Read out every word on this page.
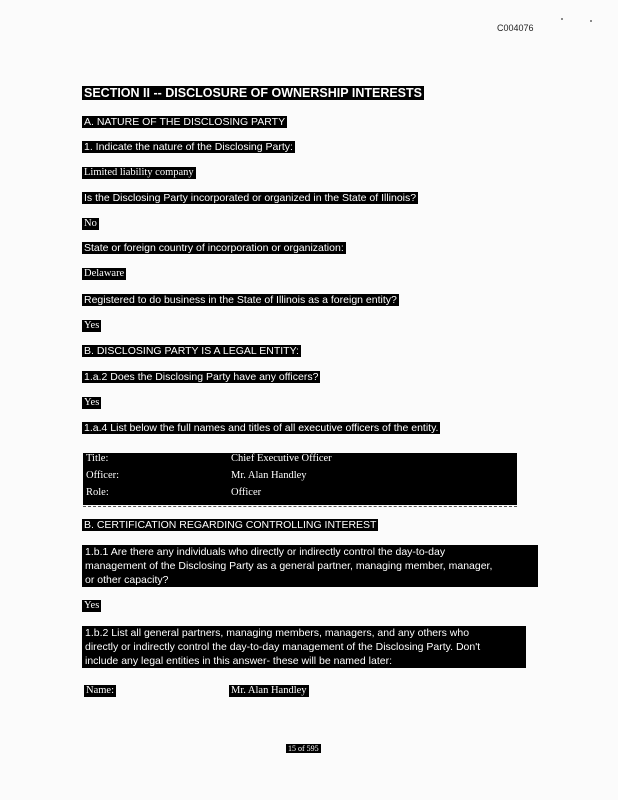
C004076
SECTION II -- DISCLOSURE OF OWNERSHIP INTERESTS
A. NATURE OF THE DISCLOSING PARTY
1. Indicate the nature of the Disclosing Party:
Limited liability company
Is the Disclosing Party incorporated or organized in the State of Illinois?
No
State or foreign country of incorporation or organization:
Delaware
Registered to do business in the State of Illinois as a foreign entity?
Yes
B. DISCLOSING PARTY IS A LEGAL ENTITY:
1.a.2 Does the Disclosing Party have any officers?
Yes
1.a.4 List below the full names and titles of all executive officers of the entity.
Title:	Chief Executive Officer
Officer:	Mr. Alan Handley
Role:	Officer
B. CERTIFICATION REGARDING CONTROLLING INTEREST
1.b.1 Are there any individuals who directly or indirectly control the day-to-day
management of the Disclosing Party as a general partner, managing member, manager,
or other capacity?
Yes
1.b.2 List all general partners, managing members, managers, and any others who
directly or indirectly control the day-to-day management of the Disclosing Party. Don't
include any legal entities in this answer- these will be named later:
Name:	Mr. Alan Handley
15 of 595
